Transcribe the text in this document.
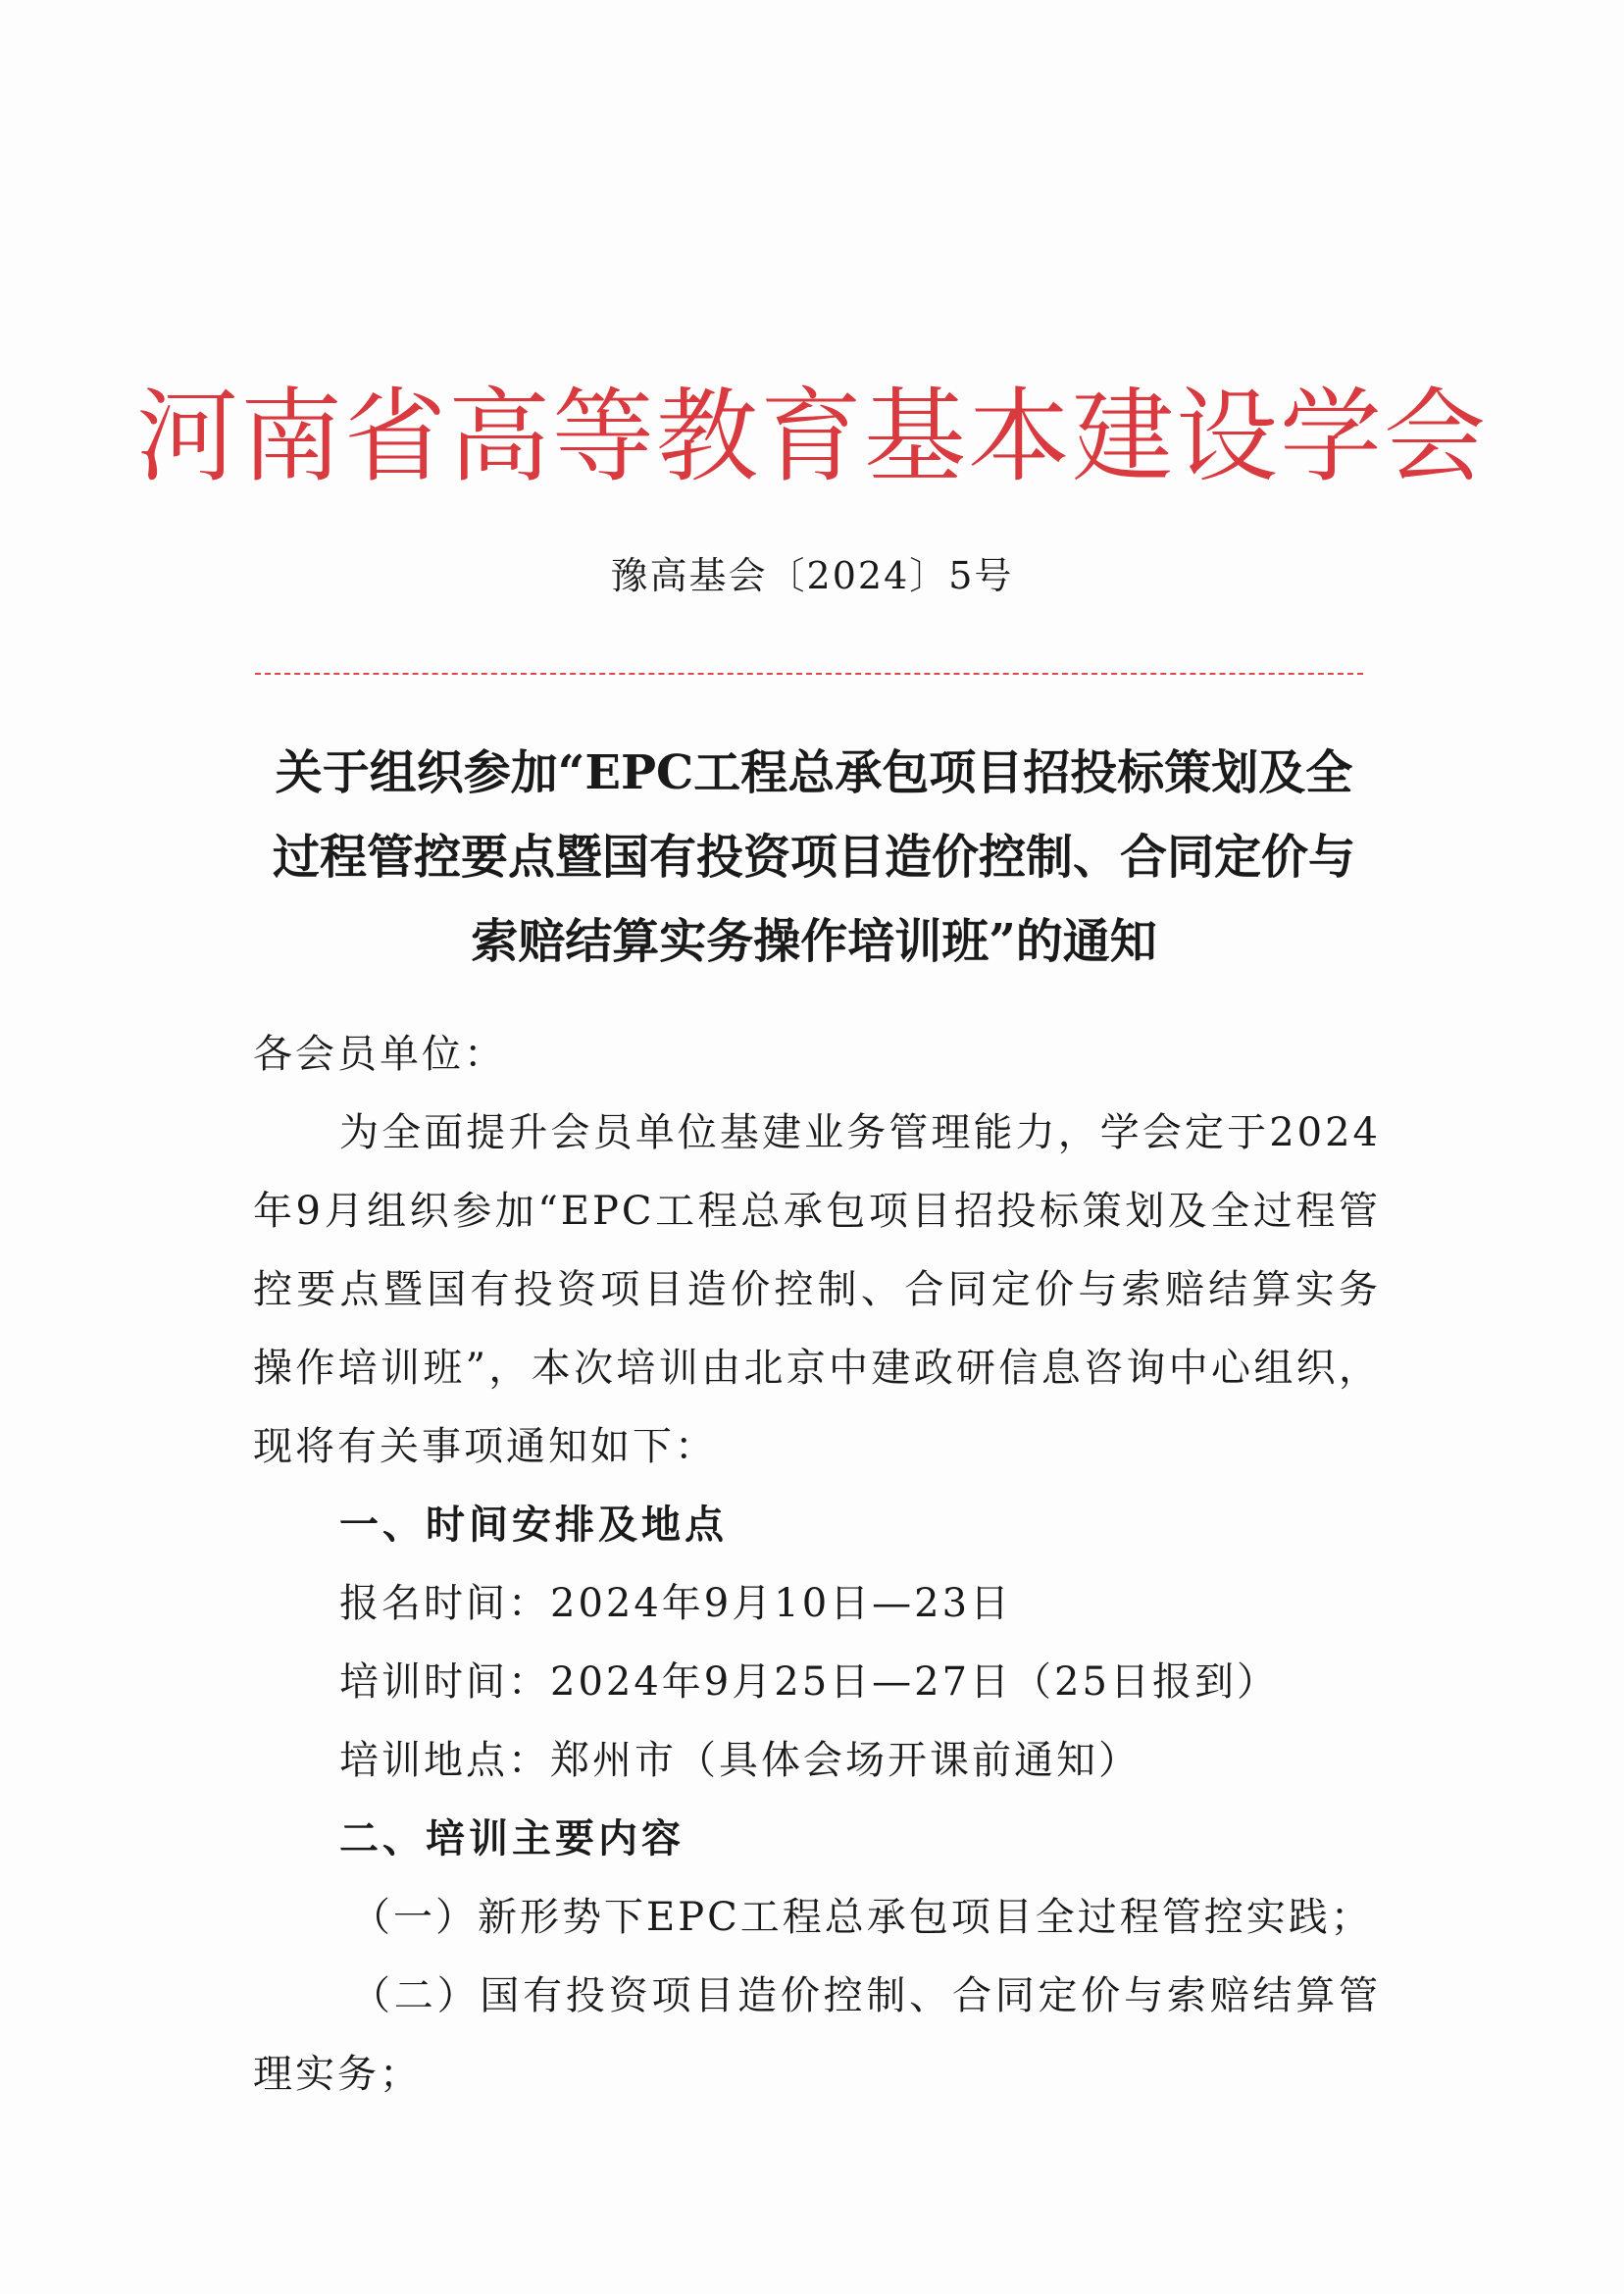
河南省高等教育基本建设学会
豫高基会〔2024〕5号
关于组织参加“EPC工程总承包项目招投标策划及全
过程管控要点暨国有投资项目造价控制、合同定价与
索赔结算实务操作培训班”的通知

各会员单位：

为全面提升会员单位基建业务管理能力，学会定于2024年9月组织参加“EPC工程总承包项目招投标策划及全过程管控要点暨国有投资项目造价控制、合同定价与索赔结算实务操作培训班”，本次培训由北京中建政研信息咨询中心组织，现将有关事项通知如下：

一、时间安排及地点

报名时间：2024年9月10日—23日

培训时间：2024年9月25日—27日（25日报到）

培训地点：郑州市（具体会场开课前通知）

二、培训主要内容

（一）新形势下EPC工程总承包项目全过程管控实践；

（二）国有投资项目造价控制、合同定价与索赔结算管理实务；
